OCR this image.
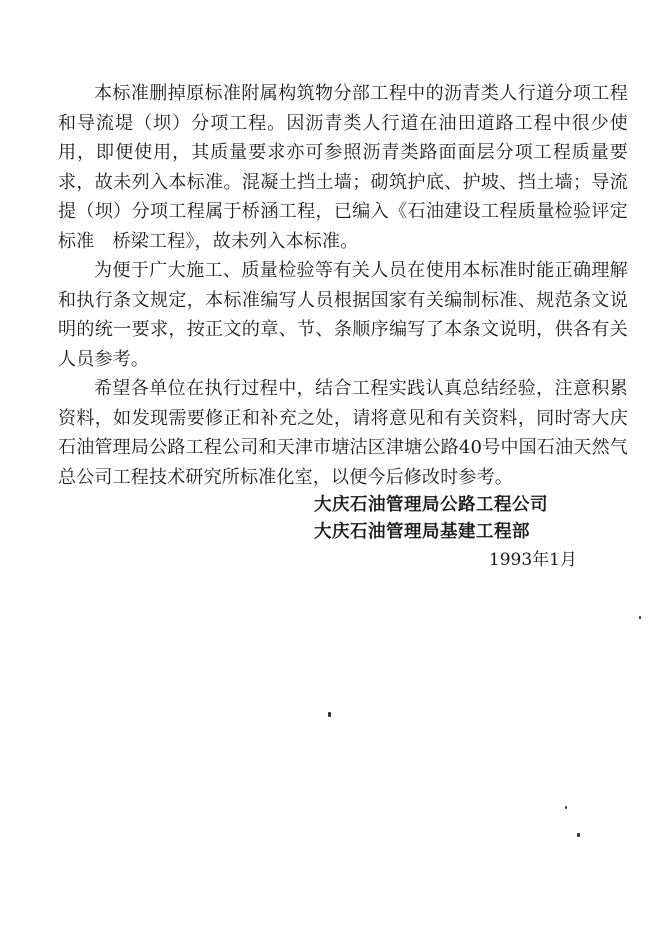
本标准删掉原标准附属构筑物分部工程中的沥青类人行道分项工程和导流堤（坝）分项工程。因沥青类人行道在油田道路工程中很少使用，即便使用，其质量要求亦可参照沥青类路面面层分项工程质量要求，故未列入本标准。混凝土挡土墙；砌筑护底、护坡、挡土墙；导流提（坝）分项工程属于桥涵工程，已编入《石油建设工程质量检验评定标准　桥梁工程》，故未列入本标准。

为便于广大施工、质量检验等有关人员在使用本标准时能正确理解和执行条文规定，本标准编写人员根据国家有关编制标准、规范条文说明的统一要求，按正文的章、节、条顺序编写了本条文说明，供各有关人员参考。

希望各单位在执行过程中，结合工程实践认真总结经验，注意积累资料，如发现需要修正和补充之处，请将意见和有关资料，同时寄大庆石油管理局公路工程公司和天津市塘沽区津塘公路40号中国石油天然气总公司工程技术研究所标准化室，以便今后修改时参考。

大庆石油管理局公路工程公司

大庆石油管理局基建工程部

1993年1月
